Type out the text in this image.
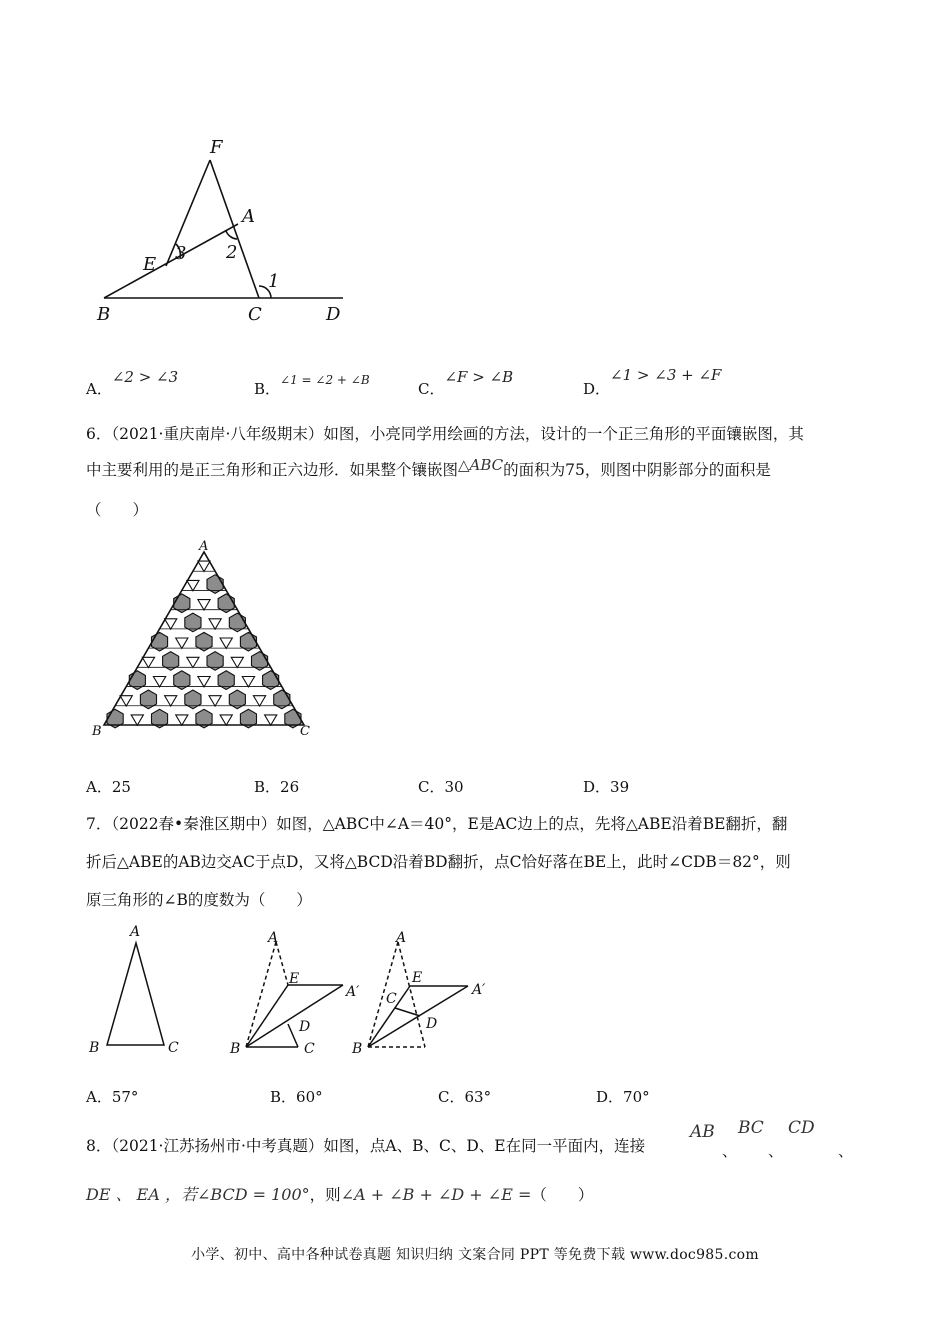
F
A
E
B	C	D
1
2
3
A．∠2 > ∠3
B．$^{\angle 1 = \angle 2 + \angle B}$	C．∠F > ∠B
D．∠1 > ∠3 + ∠F
6．（2021·重庆南岸·八年级期末）如图，小亮同学用绘画的方法，设计的一个正三角形的平面镶嵌图，其
中主要利用的是正三角形和正六边形．如果整个镶嵌图△ABC的面积为75，则图中阴影部分的面积是
（　　）
A
B	C
A．25	B．26	C．30	D．39
7．（2022春•秦淮区期中）如图，△ABC中∠A＝40°，E是AC边上的点，先将△ABE沿着BE翻折，翻
折后△ABE的AB边交AC于点D，又将△BCD沿着BD翻折，点C恰好落在BE上，此时∠CDB＝82°，则
原三角形的∠B的度数为（　　）
A
B	C
A
E
A′
D
B	C
A
E
A′
C
D
B
A．57°	B．60°	C．63°	D．70°
8．（2021·江苏扬州市·中考真题）如图，点A、B、C、D、E在同一平面内，连接
AB
、
BC
、
CD
、
DE 、 EA ，若∠BCD = 100°，则∠A + ∠B + ∠D + ∠E =（　　）
小学、初中、高中各种试卷真题 知识归纳 文案合同 PPT 等免费下载 www.doc985.com
